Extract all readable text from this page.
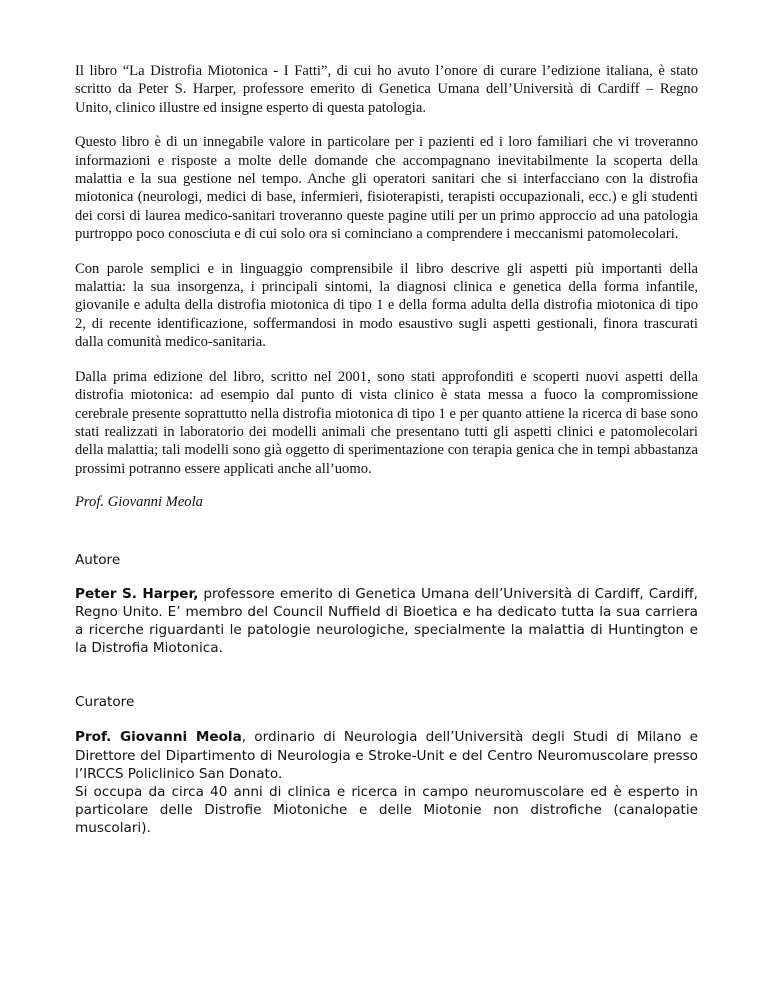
Il libro “La Distrofia Miotonica - I Fatti”, di cui ho avuto l’onore di curare l’edizione italiana, è stato scritto da Peter S. Harper, professore emerito di Genetica Umana dell’Università di Cardiff – Regno Unito, clinico illustre ed insigne esperto di questa patologia.

Questo libro è di un innegabile valore in particolare per i pazienti ed i loro familiari che vi troveranno informazioni e risposte a molte delle domande che accompagnano inevitabilmente la scoperta della malattia e la sua gestione nel tempo. Anche gli operatori sanitari che si interfacciano con la distrofia miotonica (neurologi, medici di base, infermieri, fisioterapisti, terapisti occupazionali, ecc.) e gli studenti dei corsi di laurea medico-sanitari troveranno queste pagine utili per un primo approccio ad una patologia purtroppo poco conosciuta e di cui solo ora si cominciano a comprendere i meccanismi patomolecolari.

Con parole semplici e in linguaggio comprensibile il libro descrive gli aspetti più importanti della malattia: la sua insorgenza, i principali sintomi, la diagnosi clinica e genetica della forma infantile, giovanile e adulta della distrofia miotonica di tipo 1 e della forma adulta della distrofia miotonica di tipo 2, di recente identificazione, soffermandosi in modo esaustivo sugli aspetti gestionali, finora trascurati dalla comunità medico-sanitaria.

Dalla prima edizione del libro, scritto nel 2001, sono stati approfonditi e scoperti nuovi aspetti della distrofia miotonica: ad esempio dal punto di vista clinico è stata messa a fuoco la compromissione cerebrale presente soprattutto nella distrofia miotonica di tipo 1 e per quanto attiene la ricerca di base sono stati realizzati in laboratorio dei modelli animali che presentano tutti gli aspetti clinici e patomolecolari della malattia; tali modelli sono già oggetto di sperimentazione con terapia genica che in tempi abbastanza prossimi potranno essere applicati anche all’uomo.

Prof. Giovanni Meola

Autore

Peter S. Harper, professore emerito di Genetica Umana dell’Università di Cardiff, Cardiff, Regno Unito. E’ membro del Council Nuffield di Bioetica e ha dedicato tutta la sua carriera a ricerche riguardanti le patologie neurologiche, specialmente la malattia di Huntington e la Distrofia Miotonica.

Curatore

Prof. Giovanni Meola, ordinario di Neurologia dell’Università degli Studi di Milano e Direttore del Dipartimento di Neurologia e Stroke-Unit e del Centro Neuromuscolare presso l’IRCCS Policlinico San Donato.

Si occupa da circa 40 anni di clinica e ricerca in campo neuromuscolare ed è esperto in particolare delle Distrofie Miotoniche e delle Miotonie non distrofiche (canalopatie muscolari).
